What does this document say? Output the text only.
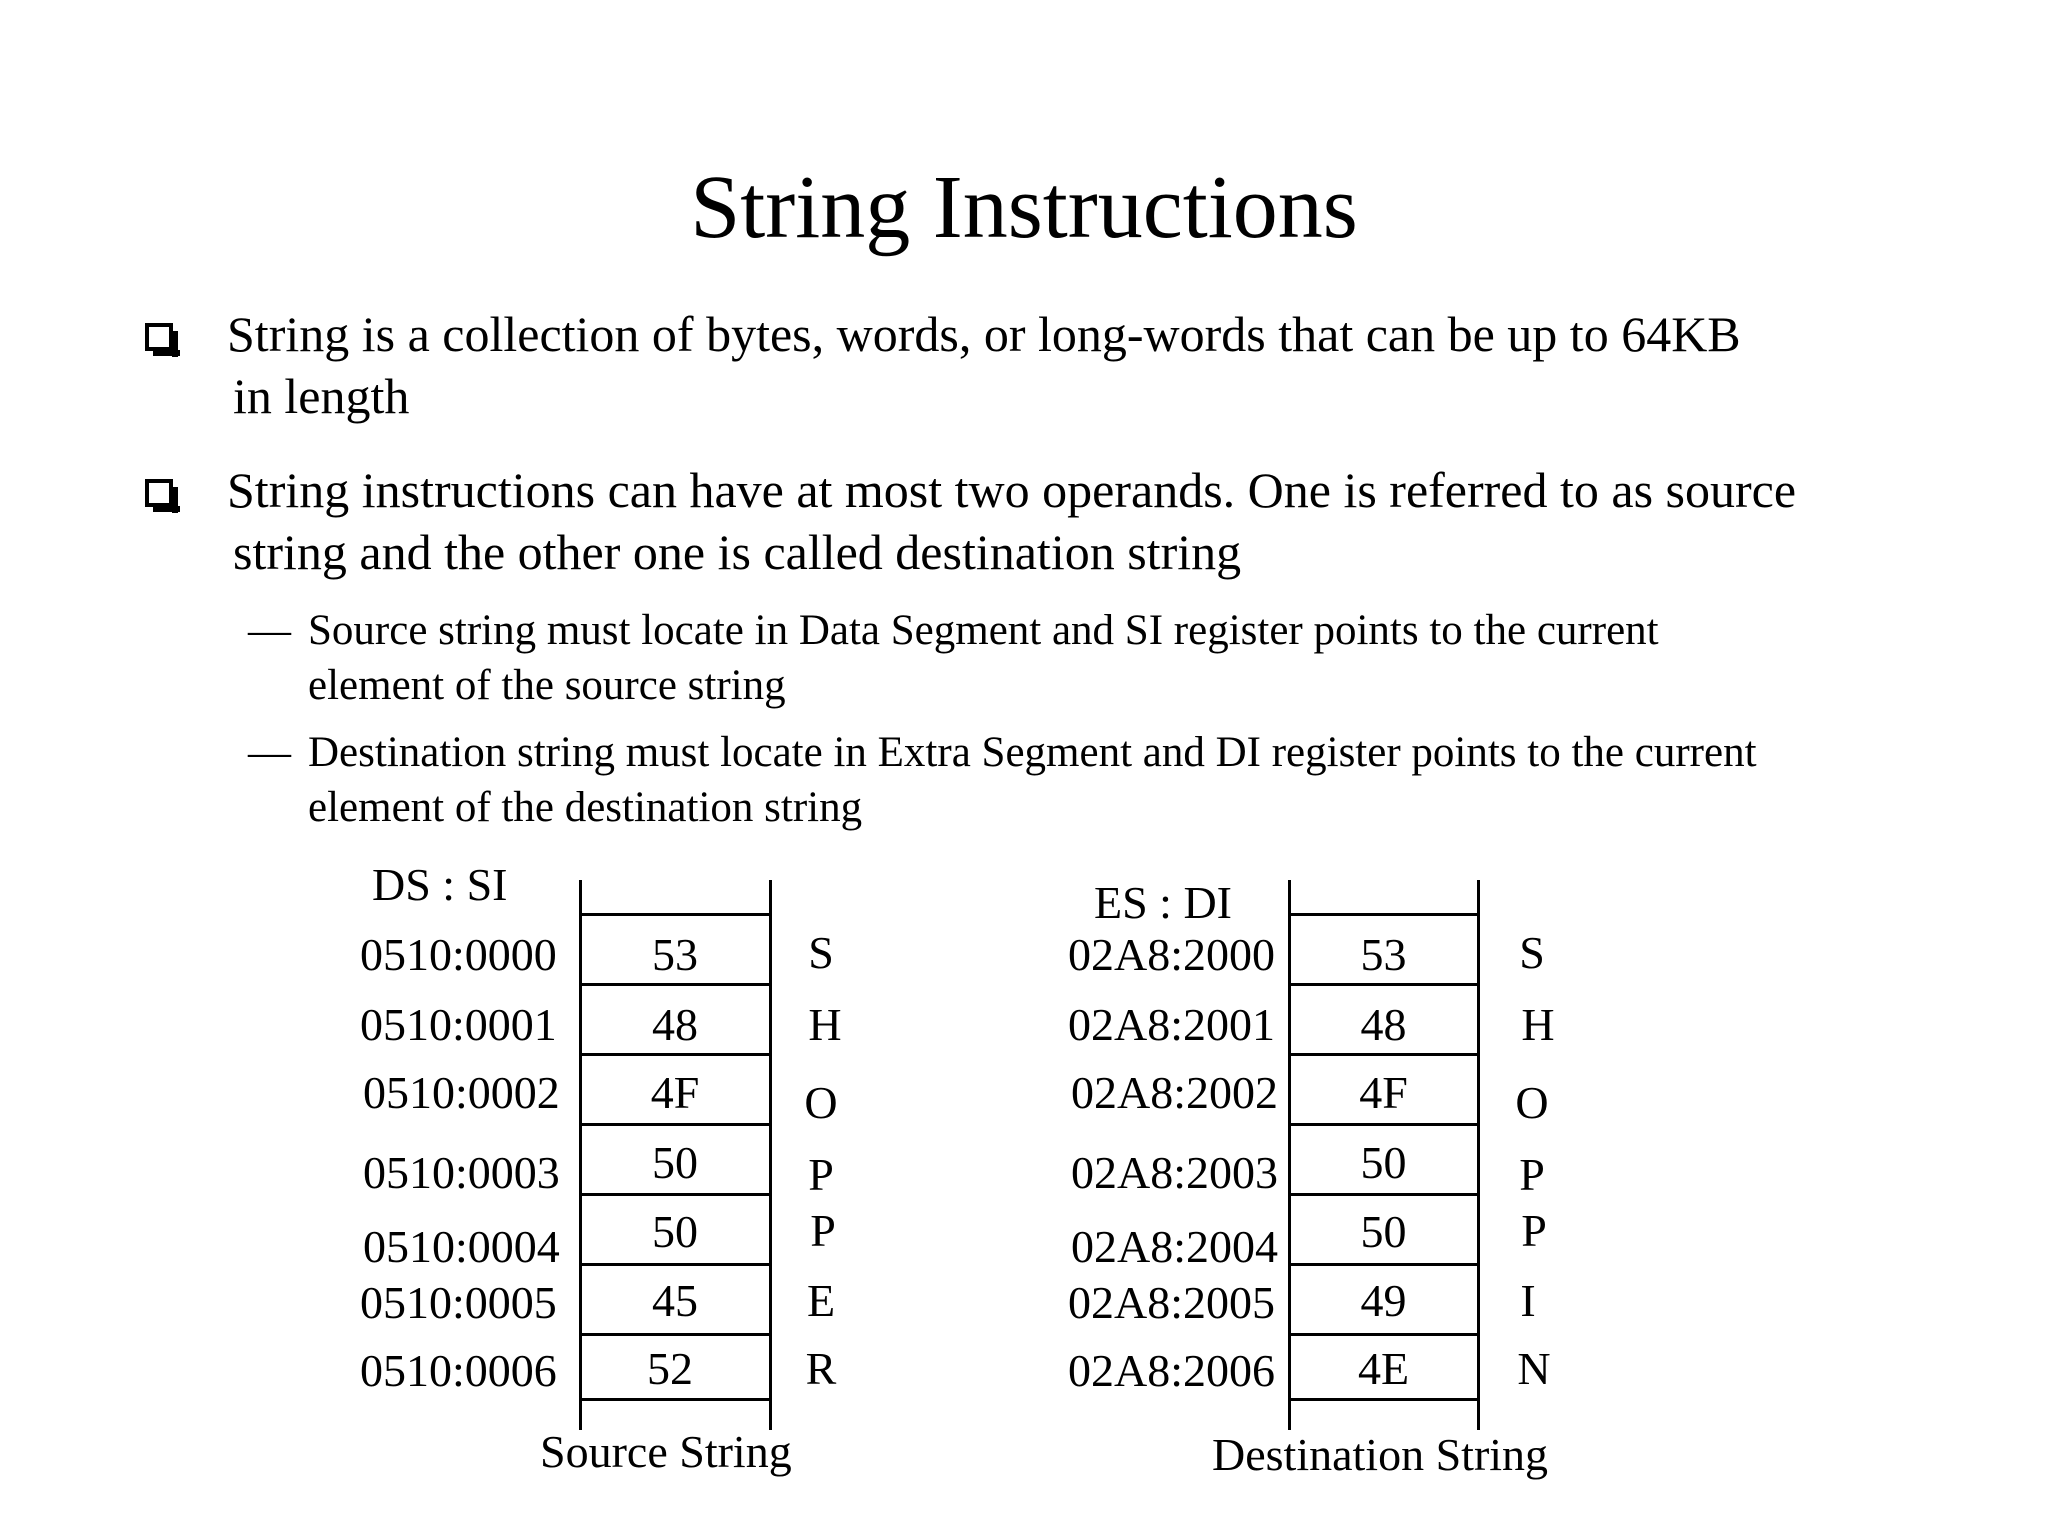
String Instructions
String is a collection of bytes, words, or long-words that can be up to 64KB
in length
String instructions can have at most two operands. One is referred to as source
string and the other one is called destination string
— Source string must locate in Data Segment and SI register points to the current
element of the source string
— Destination string must locate in Extra Segment and DI register points to the current
element of the destination string
DS : SI
0510:0000
0510:0001
0510:0002
0510:0003
0510:0004
0510:0005
0510:0006
53
48
4F
50
50
45
52
S
H
O
P
P
E
R
Source String
ES : DI
02A8:2000
02A8:2001
02A8:2002
02A8:2003
02A8:2004
02A8:2005
02A8:2006
53
48
4F
50
50
49
4E
S
H
O
P
P
I
N
Destination String
